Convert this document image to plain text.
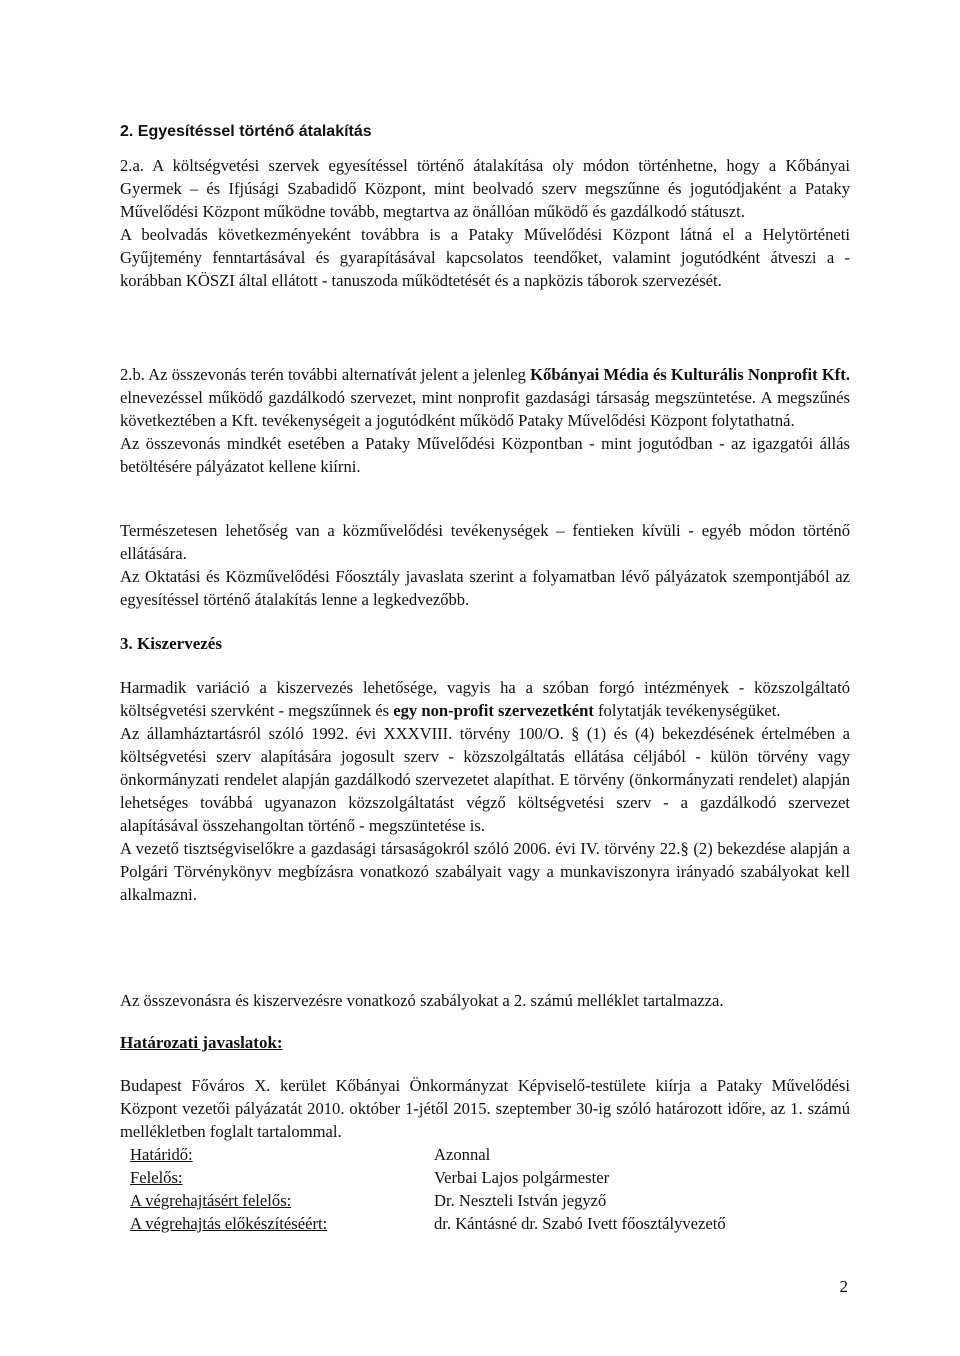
2. Egyesítéssel történő átalakítás

2.a. A költségvetési szervek egyesítéssel történő átalakítása oly módon történhetne, hogy a Kőbányai Gyermek – és Ifjúsági Szabadidő Központ, mint beolvadó szerv megszűnne és jogutódjaként a Pataky Művelődési Központ működne tovább, megtartva az önállóan működő és gazdálkodó státuszt.

A beolvadás következményeként továbbra is a Pataky Művelődési Központ látná el a Helytörténeti Gyűjtemény fenntartásával és gyarapításával kapcsolatos teendőket, valamint jogutódként átveszi a - korábban KÖSZI által ellátott - tanuszoda működtetését és a napközis táborok szervezését.

2.b. Az összevonás terén további alternatívát jelent a jelenleg Kőbányai Média és Kulturális Nonprofit Kft. elnevezéssel működő gazdálkodó szervezet, mint nonprofit gazdasági társaság megszüntetése. A megszűnés következtében a Kft. tevékenységeit a jogutódként működő Pataky Művelődési Központ folytathatná.

Az összevonás mindkét esetében a Pataky Művelődési Központban - mint jogutódban - az igazgatói állás betöltésére pályázatot kellene kiírni.

Természetesen lehetőség van a közművelődési tevékenységek – fentieken kívüli - egyéb módon történő ellátására.

Az Oktatási és Közművelődési Főosztály javaslata szerint a folyamatban lévő pályázatok szempontjából az egyesítéssel történő átalakítás lenne a legkedvezőbb.

3. Kiszervezés

Harmadik variáció a kiszervezés lehetősége, vagyis ha a szóban forgó intézmények - közszolgáltató költségvetési szervként - megszűnnek és egy non-profit szervezetként folytatják tevékenységüket.

Az államháztartásról szóló 1992. évi XXXVIII. törvény 100/O. § (1) és (4) bekezdésének értelmében a költségvetési szerv alapítására jogosult szerv - közszolgáltatás ellátása céljából - külön törvény vagy önkormányzati rendelet alapján gazdálkodó szervezetet alapíthat. E törvény (önkormányzati rendelet) alapján lehetséges továbbá ugyanazon közszolgáltatást végző költségvetési szerv - a gazdálkodó szervezet alapításával összehangoltan történő - megszüntetése is.

A vezető tisztségviselőkre a gazdasági társaságokról szóló 2006. évi IV. törvény 22.§ (2) bekezdése alapján a Polgári Törvénykönyv megbízásra vonatkozó szabályait vagy a munkaviszonyra irányadó szabályokat kell alkalmazni.

Az összevonásra és kiszervezésre vonatkozó szabályokat a 2. számú melléklet tartalmazza.
Határozati javaslatok:
Budapest Főváros X. kerület Kőbányai Önkormányzat Képviselő-testülete kiírja a Pataky Művelődési Központ vezetői pályázatát 2010. október 1-jétől 2015. szeptember 30-ig szóló határozott időre, az 1. számú mellékletben foglalt tartalommal.
Határidő:	Azonnal
Felelős:	Verbai Lajos polgármester
A végrehajtásért felelős:	Dr. Neszteli István jegyző
A végrehajtás előkészítéséért:	dr. Kántásné dr. Szabó Ivett főosztályvezető
2
